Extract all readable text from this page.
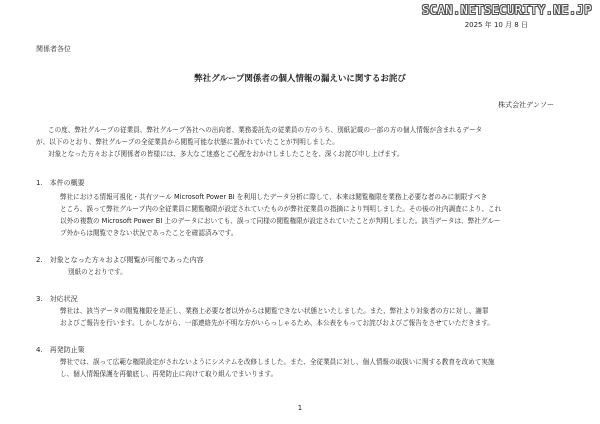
SCAN.NETSECURITY.NE.JP
2025 年 10 月 8 日
関係者各位
弊社グループ関係者の個人情報の漏えいに関するお詫び
株式会社デンソー
この度、弊社グループの従業員、弊社グループ各社への出向者、業務委託先の従業員の方のうち、別紙記載の一部の方の個人情報が含まれるデータ
が、以下のとおり、弊社グループの全従業員から閲覧可能な状態に置かれていたことが判明しました。
対象となった方々および関係者の皆様には、多大なご迷惑とご心配をおかけしましたことを、深くお詫び申し上げます。
1.　本件の概要
弊社における情報可視化・共有ツール Microsoft Power BI を利用したデータ分析に際して、本来は閲覧権限を業務上必要な者のみに制限すべき
ところ、誤って弊社グループ内の全従業員に閲覧権限が設定されていたものが弊社従業員の指摘により判明しました。その後の社内調査により、これ
以外の複数の Microsoft Power BI 上のデータにおいても、誤って同様の閲覧権限が設定されていたことが判明しました。該当データは、弊社グルー
プ外からは閲覧できない状況であったことを確認済みです。
2.　対象となった方々および閲覧が可能であった内容
別紙のとおりです。
3.　対応状況
弊社は、該当データの閲覧権限を是正し、業務上必要な者以外からは閲覧できない状態といたしました。また、弊社より対象者の方に対し、謝罪
およびご報告を行います。しかしながら、一部連絡先が不明な方がいらっしゃるため、本公表をもってお詫びおよびご報告をさせていただきます。
4.　再発防止策
弊社では、誤って広範な権限設定がされないようにシステムを改修しました。また、全従業員に対し、個人情報の取扱いに関する教育を改めて実施
し、個人情報保護を再徹底し、再発防止に向けて取り組んでまいります。
1
